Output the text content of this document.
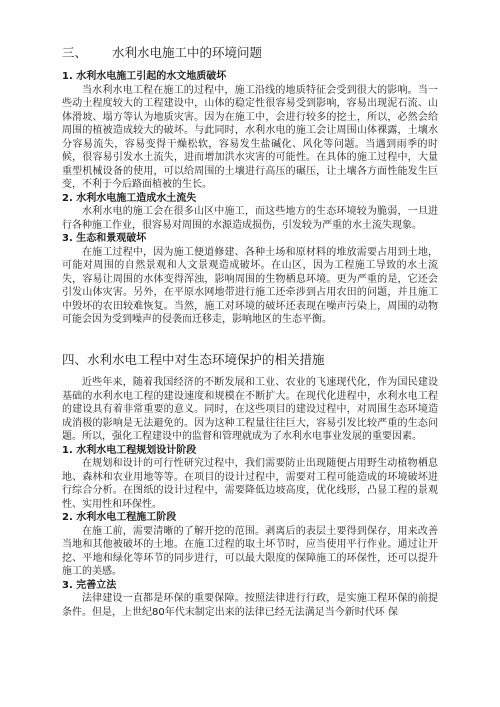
三、 水利水电施工中的环境问题
1. 水利水电施工引起的水文地质破坏

当水利水电工程在施工的过程中，施工沿线的地质特征会受到很大的影响。当一些动土程度较大的工程建设中，山体的稳定性很容易受到影响，容易出现泥石流、山体滑坡、塌方等认为地质灾害。因为在施工中，会进行较多的挖土，所以，必然会给周围的植被造成较大的破坏。与此同时，水利水电的施工会让周围山体裸露，土壤水分容易流失，容易变得干燥松软，容易发生盐碱化、风化等问题。当遇到雨季的时候，很容易引发水土流失，进而增加洪水灾害的可能性。在具体的施工过程中，大量重型机械设备的使用，可以给周围的土壤进行高压的碾压，让土壤各方面性能发生巨变，不利于今后路面植被的生长。

2. 水利水电施工造成水土流失

水利水电的施工会在很多山区中施工，而这些地方的生态环境较为脆弱，一旦进行各种施工作业，很容易对周围的水源造成损伤，引发较为严重的水土流失现象。

3. 生态和景观破坏

在施工过程中，因为施工便道修建、各种土场和原材料的堆放需要占用到土地，可能对周围的自然景观和人文景观造成破坏。在山区，因为工程施工导致的水土流失，容易让周围的水体变得浑浊，影响周围的生物栖息环境。更为严重的是，它还会引发山体灾害。另外，在平原水网地带进行施工还牵涉到占用农田的问题，并且施工中毁坏的农田较难恢复。当然，施工对环境的破坏还表现在噪声污染上，周围的动物可能会因为受到噪声的侵袭而迁移走，影响地区的生态平衡。

四、水利水电工程中对生态环境保护的相关措施

近些年来，随着我国经济的不断发展和工业、农业的飞速现代化，作为国民建设基础的水利水电工程的建设速度和规模在不断扩大。在现代化进程中，水利水电工程的建设具有着非常重要的意义。同时，在这些项目的建设过程中，对周围生态环境造成消极的影响是无法避免的。因为这种工程量往往巨大，容易引发比较严重的生态问题。所以，强化工程建设中的监督和管理就成为了水利水电事业发展的重要因素。

1. 水利水电工程规划设计阶段

在规划和设计的可行性研究过程中，我们需要防止出现随便占用野生动植物栖息地、森林和农业用地等等。在项目的设计过程中，需要对工程可能造成的环境破坏进行综合分析。在图纸的设计过程中，需要降低边坡高度，优化线形，凸显工程的景观性、实用性和环保性。

2. 水利水电工程施工阶段

在施工前，需要清晰的了解开挖的范围。剥离后的表层土要得到保存，用来改善当地和其他被破坏的土地。在施工过程的取土坏节时，应当使用平行作业。通过让开挖、平地和绿化等环节的同步进行，可以最大限度的保障施工的环保性，还可以提升施工的美感。

3. 完善立法

法律建设一直都是环保的重要保障。按照法律进行行政，是实施工程环保的前提条件。但是，上世纪80年代末制定出来的法律已经无法满足当今新时代环 保
